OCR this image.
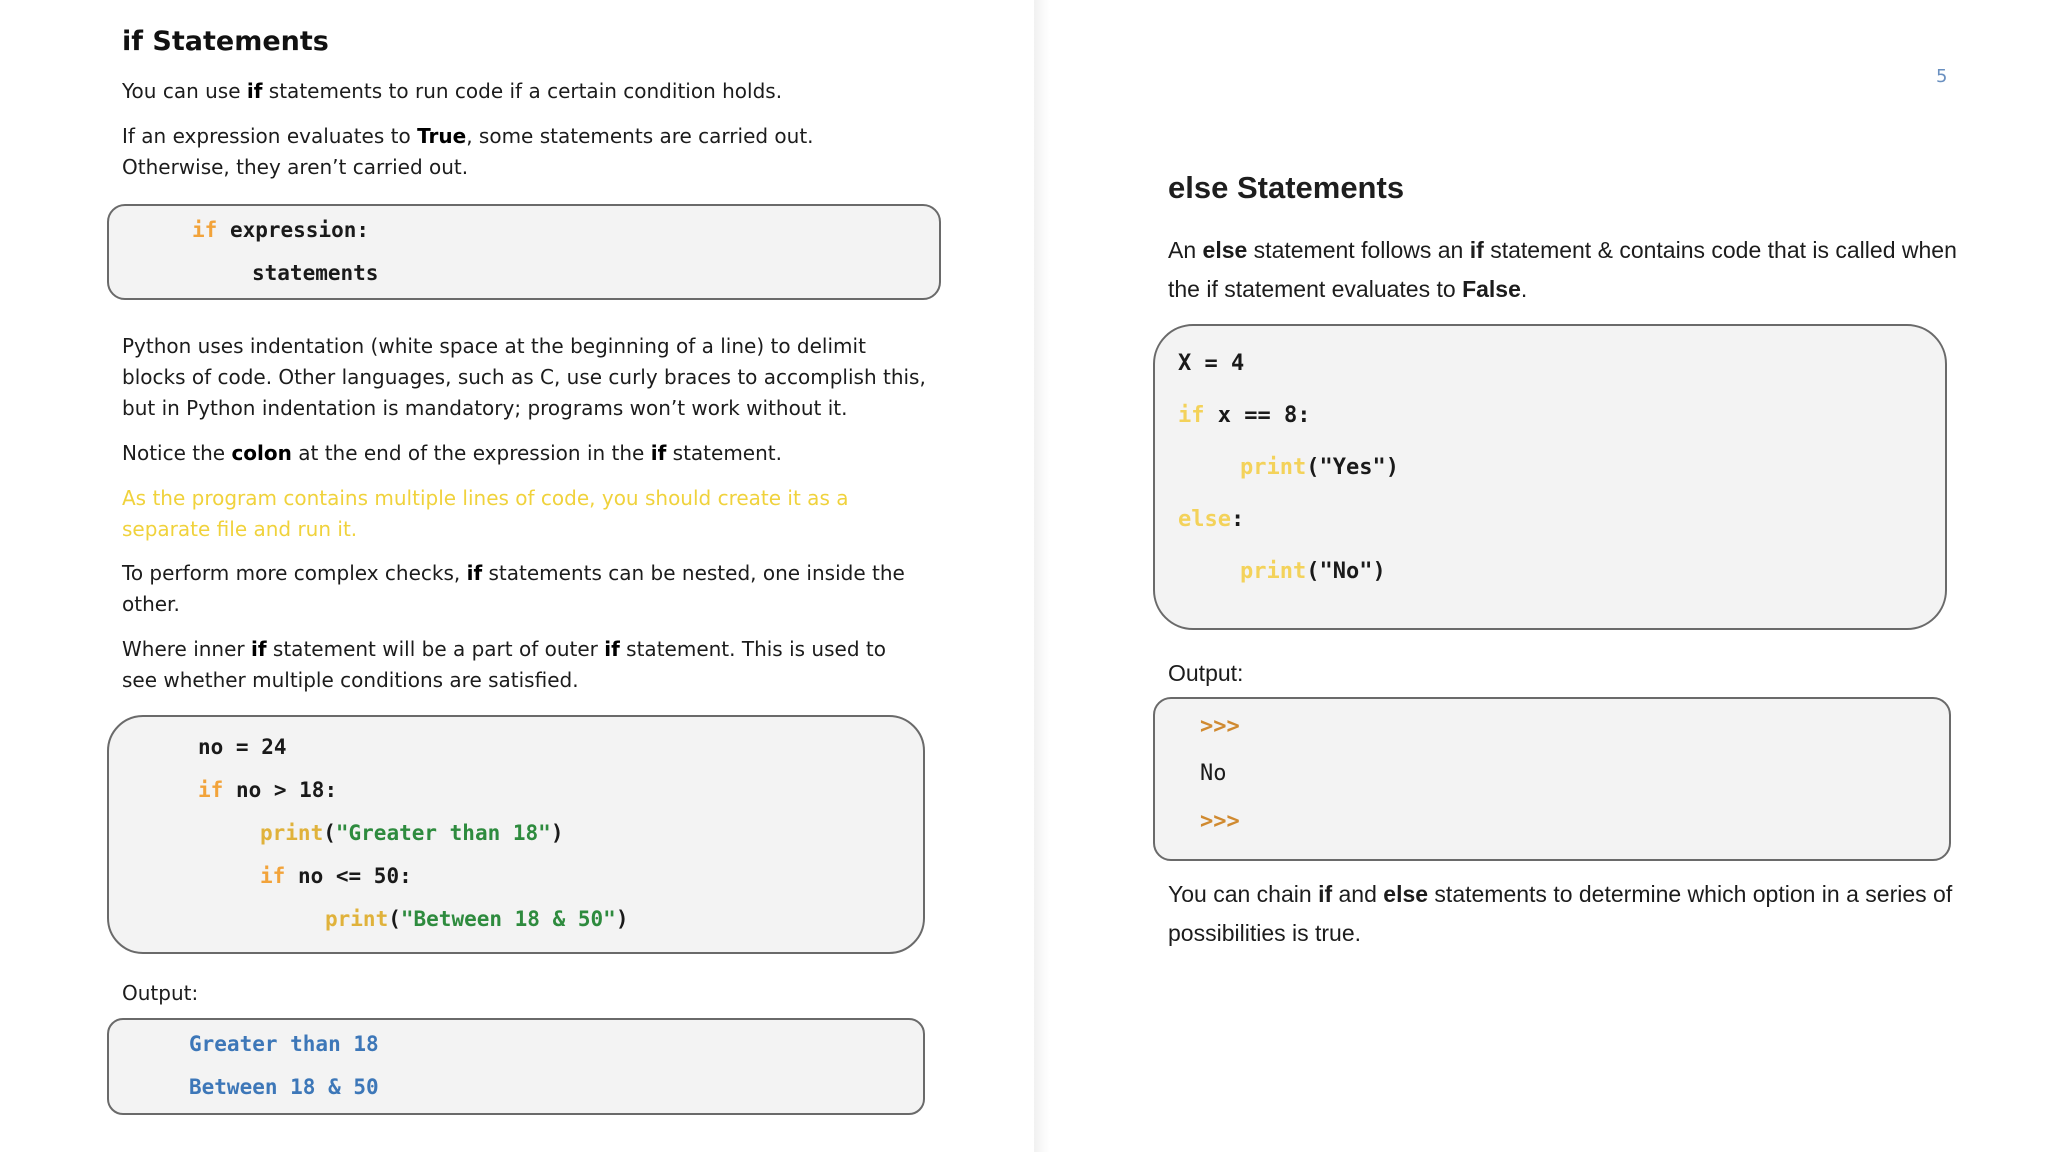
if Statements

You can use if statements to run code if a certain condition holds.

If an expression evaluates to True, some statements are carried out.
Otherwise, they aren’t carried out.

if expression:

statements

Python uses indentation (white space at the beginning of a line) to delimit
blocks of code. Other languages, such as C, use curly braces to accomplish this,
but in Python indentation is mandatory; programs won’t work without it.

Notice the colon at the end of the expression in the if statement.

As the program contains multiple lines of code, you should create it as a
separate file and run it.

To perform more complex checks, if statements can be nested, one inside the
other.

Where inner if statement will be a part of outer if statement. This is used to
see whether multiple conditions are satisfied.

no = 24

if no > 18:

print("Greater than 18")

if no <= 50:

print("Between 18 & 50")

Output:

Greater than 18

Between 18 & 50

5

else Statements

An else statement follows an if statement & contains code that is called when
the if statement evaluates to False.

X = 4

if x == 8:

print("Yes")

else:

print("No")

Output:

>>>

No

>>>

You can chain if and else statements to determine which option in a series of
possibilities is true.
